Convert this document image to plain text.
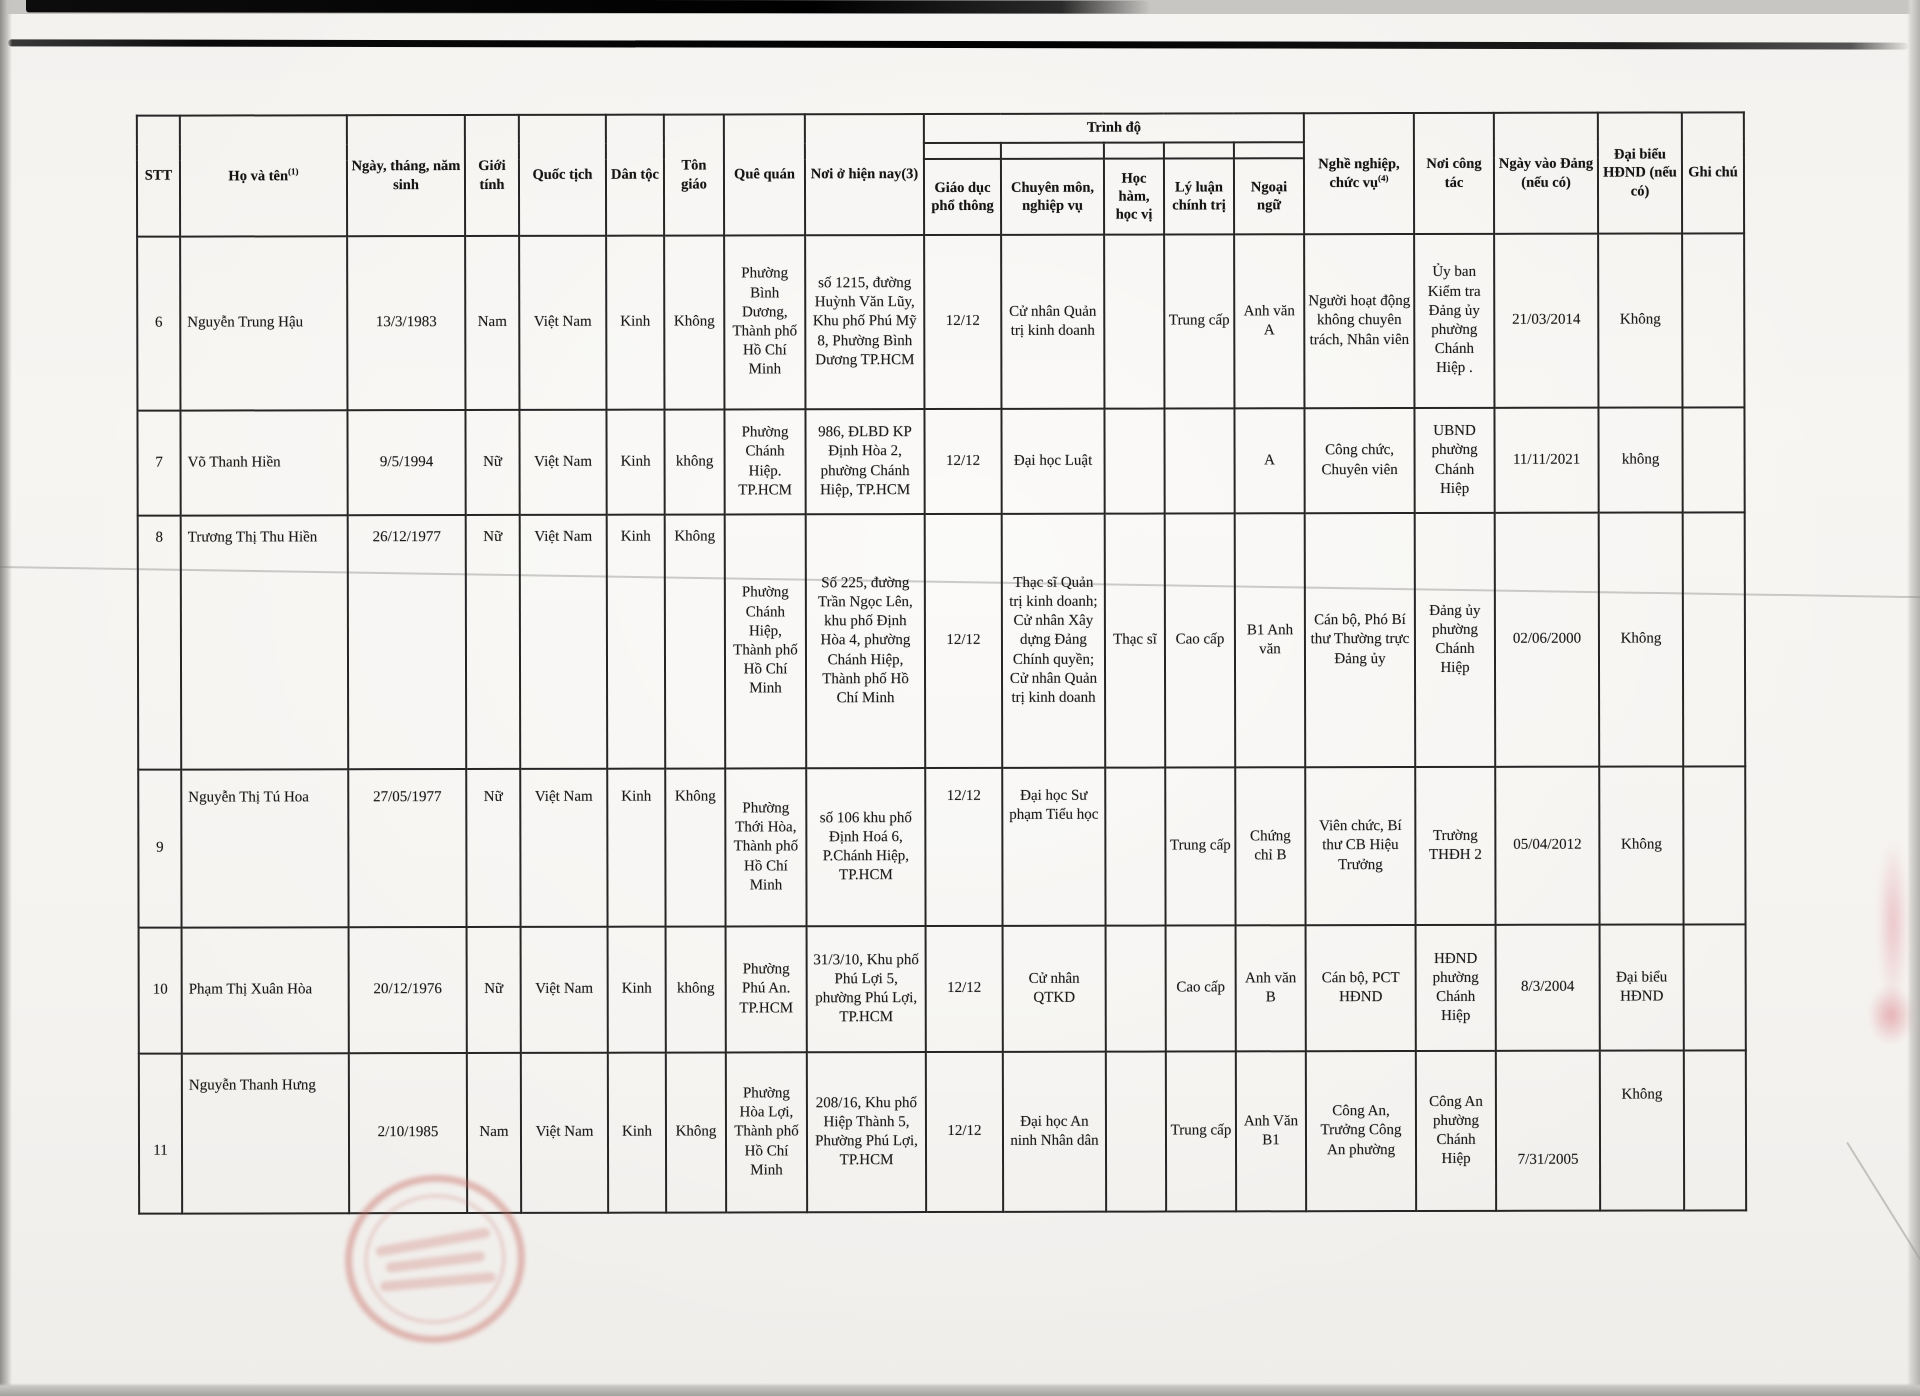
STT	Họ và tên$^{(1)}$	Ngày, tháng, năm sinh	Giới tính	Quốc tịch	Dân tộc	Tôn giáo	Quê quán	Nơi ở hiện nay(3)	Trình độ					Nghề nghiệp, chức vụ$^{(4)}$	Nơi công tác	Ngày vào Đảng (nếu có)	Đại biểu HĐND (nếu có)	Ghi chú

									Giáo dục phổ thông	Chuyên môn, nghiệp vụ	Học hàm, học vị	Lý luận chính trị	Ngoại ngữ					
6	Nguyễn Trung Hậu	13/3/1983	Nam	Việt Nam	Kinh	Không	Phường Bình Dương, Thành phố Hồ Chí Minh	số 1215, đường Huỳnh Văn Lũy, Khu phố Phú Mỹ 8, Phường Bình Dương TP.HCM	12/12	Cử nhân Quản trị kinh doanh		Trung cấp	Anh văn A	Người hoạt động không chuyên trách, Nhân viên	Ủy ban Kiểm tra Đảng ủy phường Chánh Hiệp .	21/03/2014	Không	
7	Võ Thanh Hiền	9/5/1994	Nữ	Việt Nam	Kinh	không	Phường Chánh Hiệp. TP.HCM	986, ĐLBD KP Định Hòa 2, phường Chánh Hiệp, TP.HCM	12/12	Đại học Luật			A	Công chức, Chuyên viên	UBND phường Chánh Hiệp	11/11/2021	không	
8	Trương Thị Thu Hiền	26/12/1977	Nữ	Việt Nam	Kinh	Không	Phường Chánh Hiệp, Thành phố Hồ Chí Minh	Số 225, đường Trần Ngọc Lên, khu phố Định Hòa 4, phường Chánh Hiệp, Thành phố Hồ Chí Minh	12/12	Thạc sĩ Quản trị kinh doanh; Cử nhân Xây dựng Đảng Chính quyền; Cử nhân Quản trị kinh doanh	Thạc sĩ	Cao cấp	B1 Anh văn	Cán bộ, Phó Bí thư Thường trực Đảng ủy	Đảng ủy phường Chánh Hiệp	02/06/2000	Không	
9	Nguyễn Thị Tú Hoa	27/05/1977	Nữ	Việt Nam	Kinh	Không	Phường Thới Hòa, Thành phố Hồ Chí Minh	số 106 khu phố Định Hoá 6, P.Chánh Hiệp, TP.HCM	12/12	Đại học Sư phạm Tiểu học		Trung cấp	Chứng chỉ B	Viên chức, Bí thư CB Hiệu Trưởng	Trường THĐH 2	05/04/2012	Không	
10	Phạm Thị Xuân Hòa	20/12/1976	Nữ	Việt Nam	Kinh	không	Phường Phú An. TP.HCM	31/3/10, Khu phố Phú Lợi 5, phường Phú Lợi, TP.HCM	12/12	Cử nhân QTKD		Cao cấp	Anh văn B	Cán bộ, PCT HĐND	HĐND phường Chánh Hiệp	8/3/2004	Đại biểu HĐND	
11	Nguyễn Thanh Hưng	2/10/1985	Nam	Việt Nam	Kinh	Không	Phường Hòa Lợi, Thành phố Hồ Chí Minh	208/16, Khu phố Hiệp Thành 5, Phường Phú Lợi, TP.HCM	12/12	Đại học An ninh Nhân dân		Trung cấp	Anh Văn B1	Công An, Trưởng Công An phường	Công An phường Chánh Hiệp	7/31/2005	Không	
